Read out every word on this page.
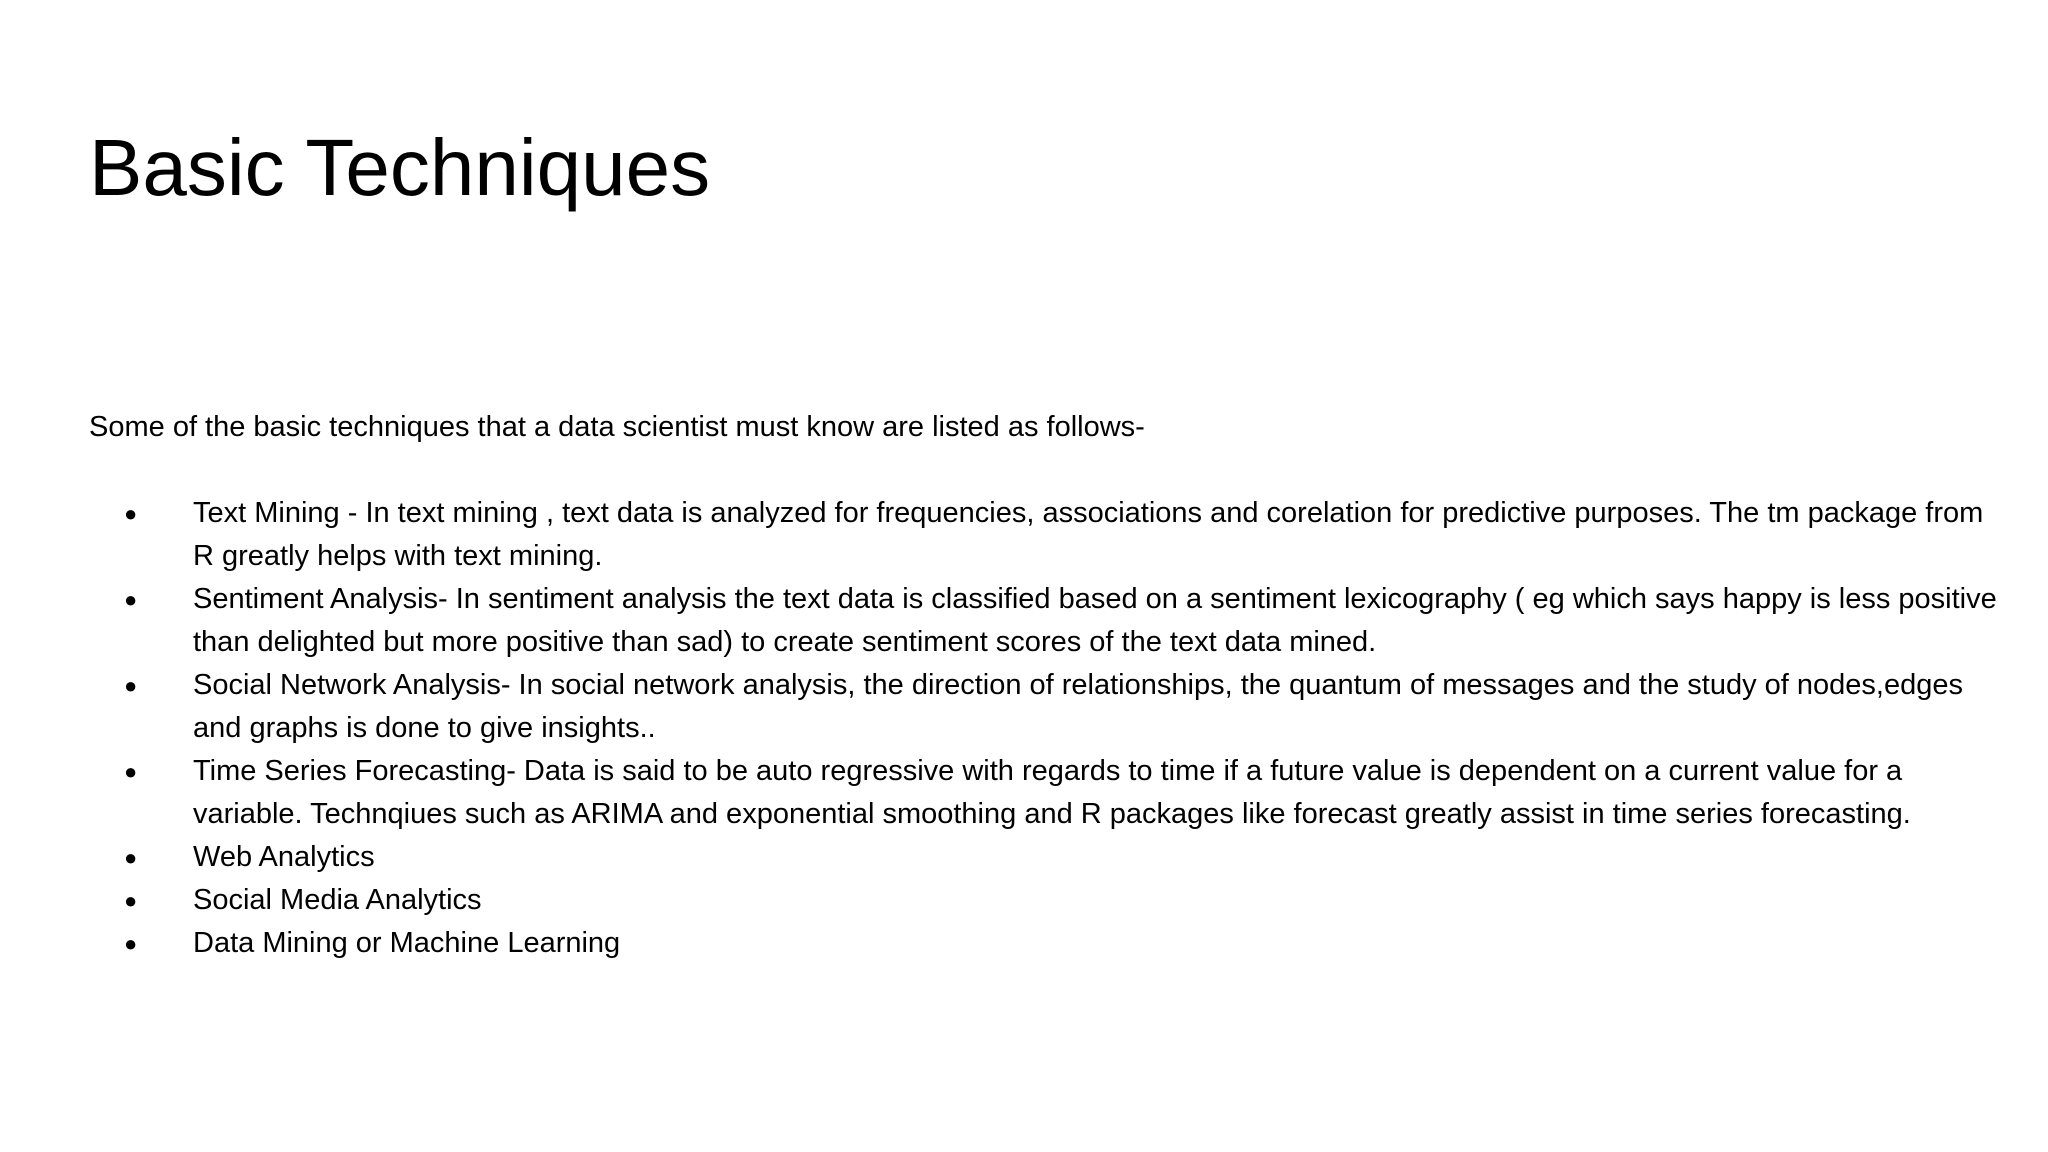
Basic Techniques

Some of the basic techniques that a data scientist must know are listed as follows-

● Text Mining - In text mining , text data is analyzed for frequencies, associations and corelation for predictive purposes. The tm package from R greatly helps with text mining.
● Sentiment Analysis- In sentiment analysis the text data is classified based on a sentiment lexicography ( eg which says happy is less positive than delighted but more positive than sad) to create sentiment scores of the text data mined.
● Social Network Analysis- In social network analysis, the direction of relationships, the quantum of messages and the study of nodes,edges and graphs is done to give insights..
● Time Series Forecasting- Data is said to be auto regressive with regards to time if a future value is dependent on a current value for a variable. Technqiues such as ARIMA and exponential smoothing and R packages like forecast greatly assist in time series forecasting.
● Web Analytics
● Social Media Analytics
● Data Mining or Machine Learning
